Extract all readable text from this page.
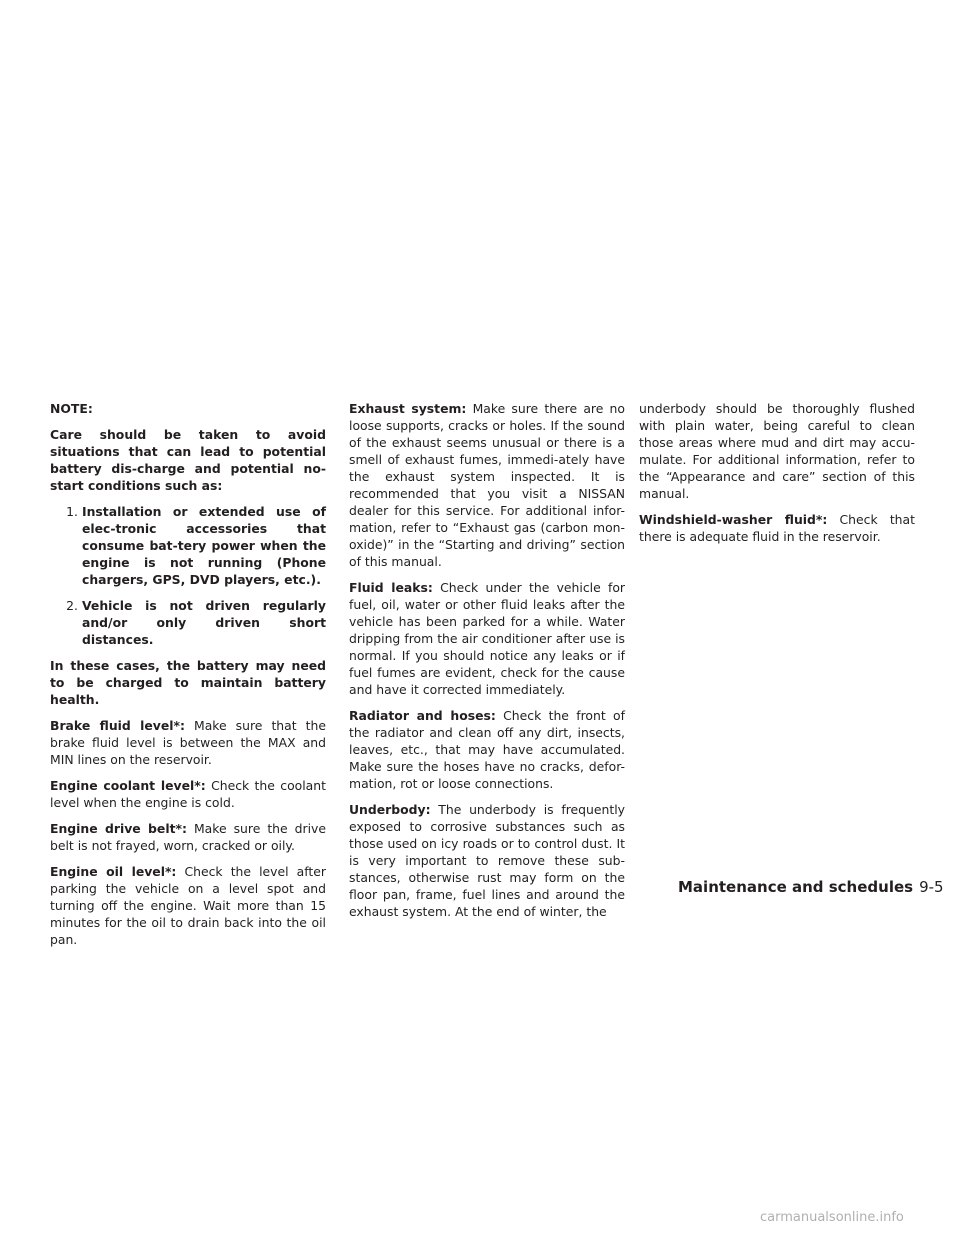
NOTE:

Care should be taken to avoid situations that can lead to potential battery dis-charge and potential no-start conditions such as:

1. Installation or extended use of elec-tronic accessories that consume bat-tery power when the engine is not running (Phone chargers, GPS, DVD players, etc.).
2. Vehicle is not driven regularly and/or only driven short distances.

In these cases, the battery may need to be charged to maintain battery health.

Brake fluid level*: Make sure that the brake fluid level is between the MAX and MIN lines on the reservoir.

Engine coolant level*: Check the coolant level when the engine is cold.

Engine drive belt*: Make sure the drive belt is not frayed, worn, cracked or oily.

Engine oil level*: Check the level after parking the vehicle on a level spot and turning off the engine. Wait more than 15 minutes for the oil to drain back into the oil pan.

Exhaust system: Make sure there are no loose supports, cracks or holes. If the sound of the exhaust seems unusual or there is a smell of exhaust fumes, immedi-ately have the exhaust system inspected. It is recommended that you visit a NISSAN dealer for this service. For additional infor-mation, refer to “Exhaust gas (carbon mon-oxide)” in the “Starting and driving” section of this manual.

Fluid leaks: Check under the vehicle for fuel, oil, water or other fluid leaks after the vehicle has been parked for a while. Water dripping from the air conditioner after use is normal. If you should notice any leaks or if fuel fumes are evident, check for the cause and have it corrected immediately.

Radiator and hoses: Check the front of the radiator and clean off any dirt, insects, leaves, etc., that may have accumulated. Make sure the hoses have no cracks, defor-mation, rot or loose connections.

Underbody: The underbody is frequently exposed to corrosive substances such as those used on icy roads or to control dust. It is very important to remove these sub-stances, otherwise rust may form on the floor pan, frame, fuel lines and around the exhaust system. At the end of winter, the

underbody should be thoroughly flushed with plain water, being careful to clean those areas where mud and dirt may accu-mulate. For additional information, refer to the “Appearance and care” section of this manual.

Windshield-washer fluid*: Check that there is adequate fluid in the reservoir.

Maintenance and schedules 9-5
carmanualsonline.info
